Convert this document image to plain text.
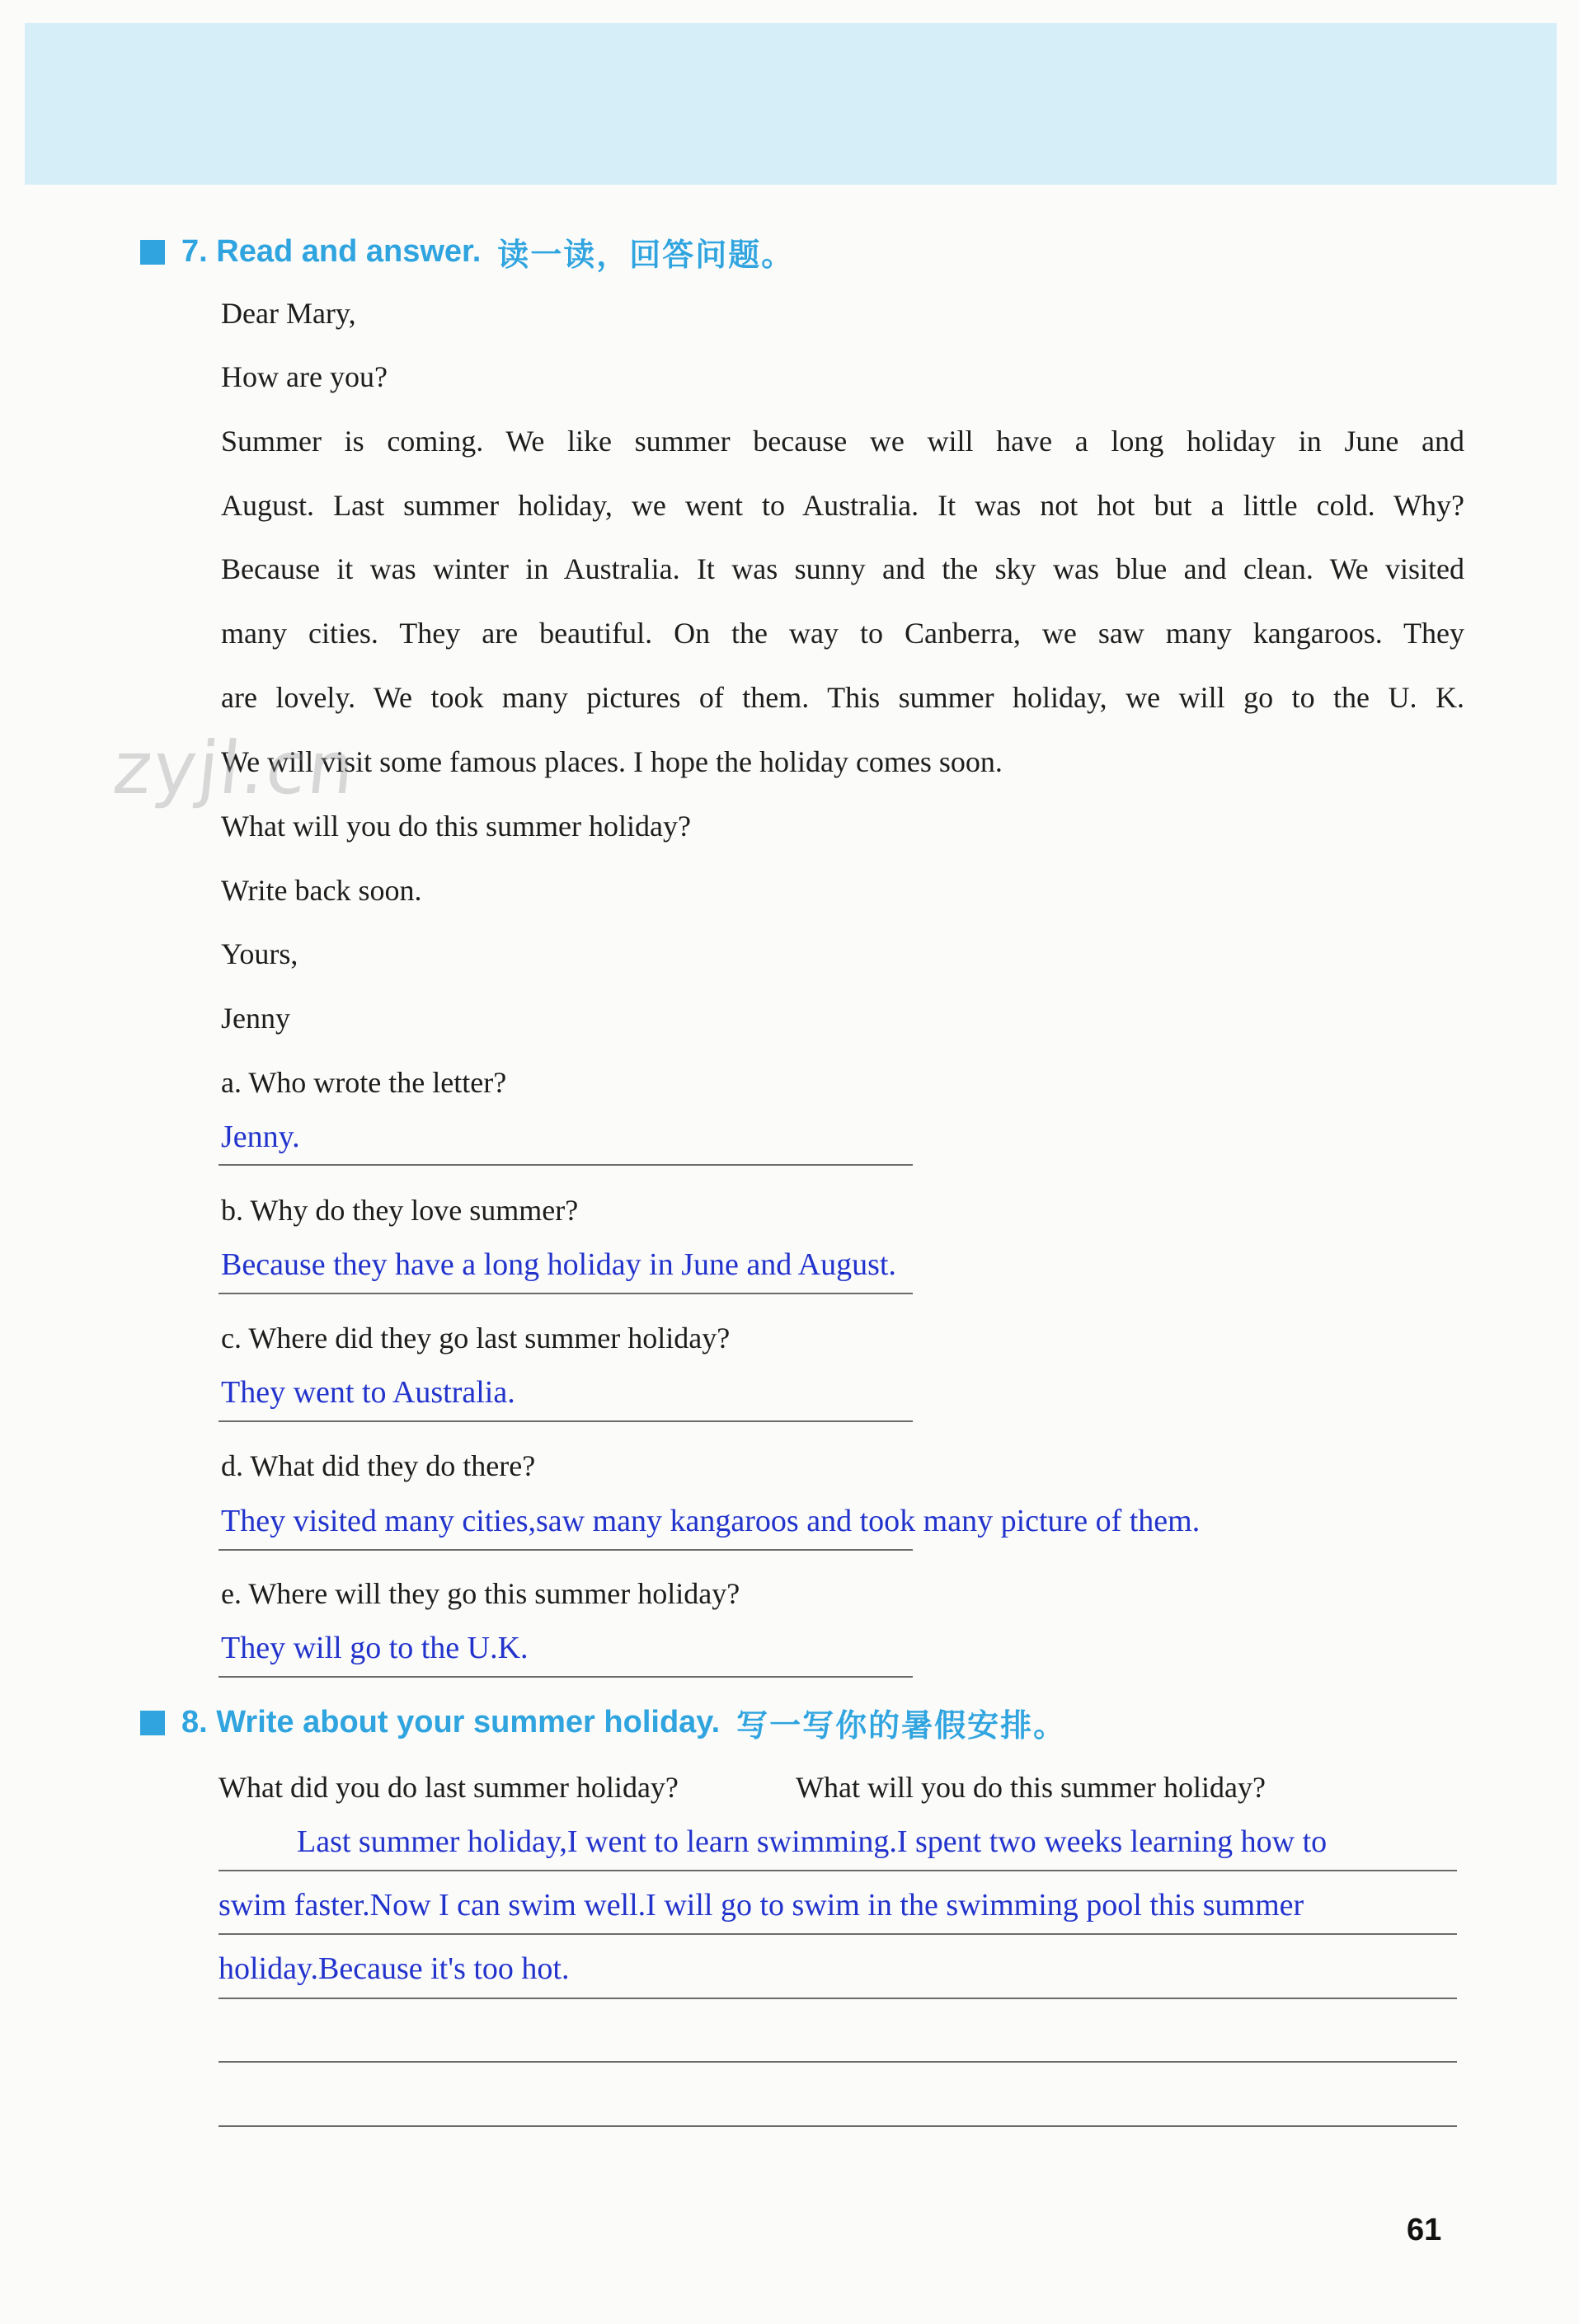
7. Read and answer. 读一读，回答问题。
Dear Mary,
How are you?
Summer is coming. We like summer because we will have a long holiday in June and
August. Last summer holiday, we went to Australia. It was not hot but a little cold. Why?
Because it was winter in Australia. It was sunny and the sky was blue and clean. We visited
many cities. They are beautiful. On the way to Canberra, we saw many kangaroos. They
are lovely. We took many pictures of them. This summer holiday, we will go to the U. K.
We will visit some famous places. I hope the holiday comes soon.
zyjl.cn
What will you do this summer holiday?
Write back soon.
Yours,
Jenny
a. Who wrote the letter?
Jenny.
b. Why do they love summer?
Because they have a long holiday in June and August.
c. Where did they go last summer holiday?
They went to Australia.
d. What did they do there?
They visited many cities,saw many kangaroos and took many picture of them.
e. Where will they go this summer holiday?
They will go to the U.K.
8. Write about your summer holiday. 写一写你的暑假安排。
What did you do last summer holiday?	What will you do this summer holiday?
Last summer holiday,I went to learn swimming.I spent two weeks learning how to
swim faster.Now I can swim well.I will go to swim in the swimming pool this summer
holiday.Because it's too hot.
61
